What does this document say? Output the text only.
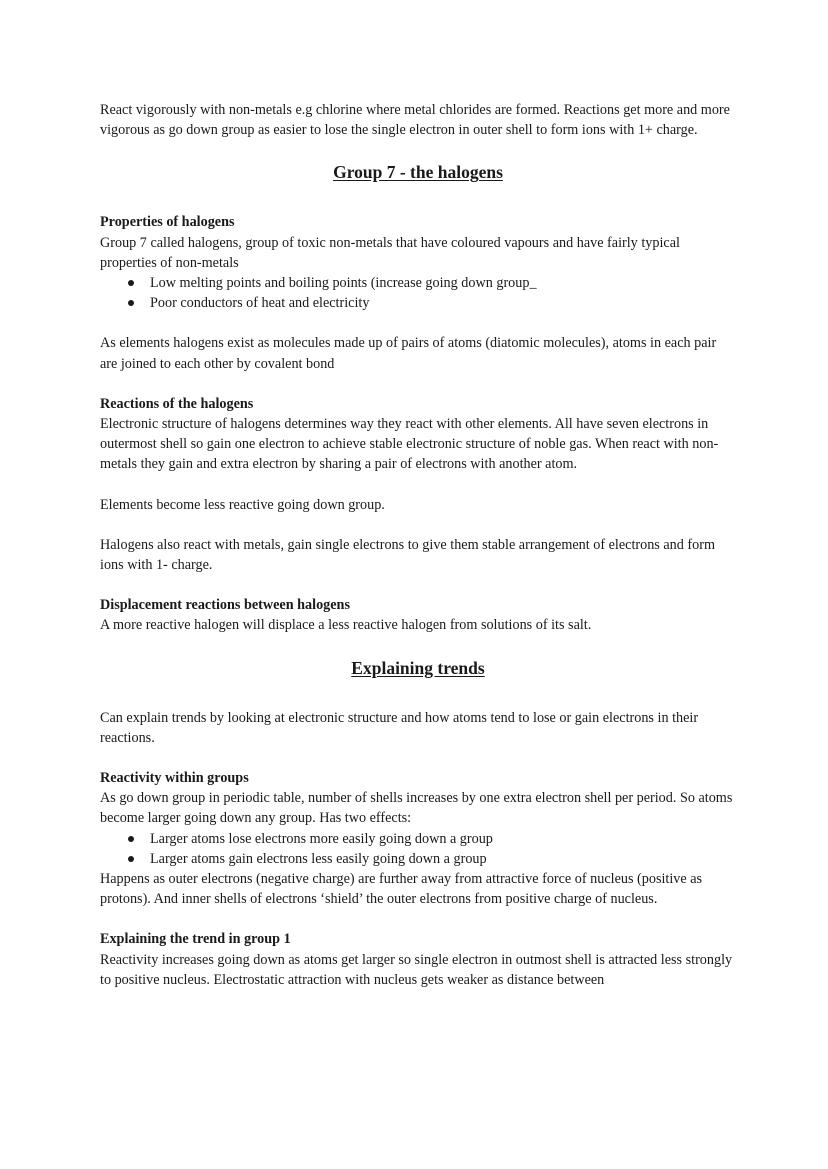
React vigorously with non-metals e.g chlorine where metal chlorides are formed. Reactions get more and more vigorous as go down group as easier to lose the single electron in outer shell to form ions with 1+ charge.

Group 7 - the halogens

Properties of halogens

Group 7 called halogens, group of toxic non-metals that have coloured vapours and have fairly typical properties of non-metals

Low melting points and boiling points (increase going down group_
Poor conductors of heat and electricity

As elements halogens exist as molecules made up of pairs of atoms (diatomic molecules), atoms in each pair are joined to each other by covalent bond

Reactions of the halogens

Electronic structure of halogens determines way they react with other elements. All have seven electrons in outermost shell so gain one electron to achieve stable electronic structure of noble gas. When react with non-metals they gain and extra electron by sharing a pair of electrons with another atom.

Elements become less reactive going down group.

Halogens also react with metals, gain single electrons to give them stable arrangement of electrons and form ions with 1- charge.

Displacement reactions between halogens

A more reactive halogen will displace a less reactive halogen from solutions of its salt.

Explaining trends

Can explain trends by looking at electronic structure and how atoms tend to lose or gain electrons in their reactions.

Reactivity within groups

As go down group in periodic table, number of shells increases by one extra electron shell per period. So atoms become larger going down any group. Has two effects:

Larger atoms lose electrons more easily going down a group
Larger atoms gain electrons less easily going down a group

Happens as outer electrons (negative charge) are further away from attractive force of nucleus (positive as protons). And inner shells of electrons ‘shield’ the outer electrons from positive charge of nucleus.

Explaining the trend in group 1

Reactivity increases going down as atoms get larger so single electron in outmost shell is attracted less strongly to positive nucleus. Electrostatic attraction with nucleus gets weaker as distance between
